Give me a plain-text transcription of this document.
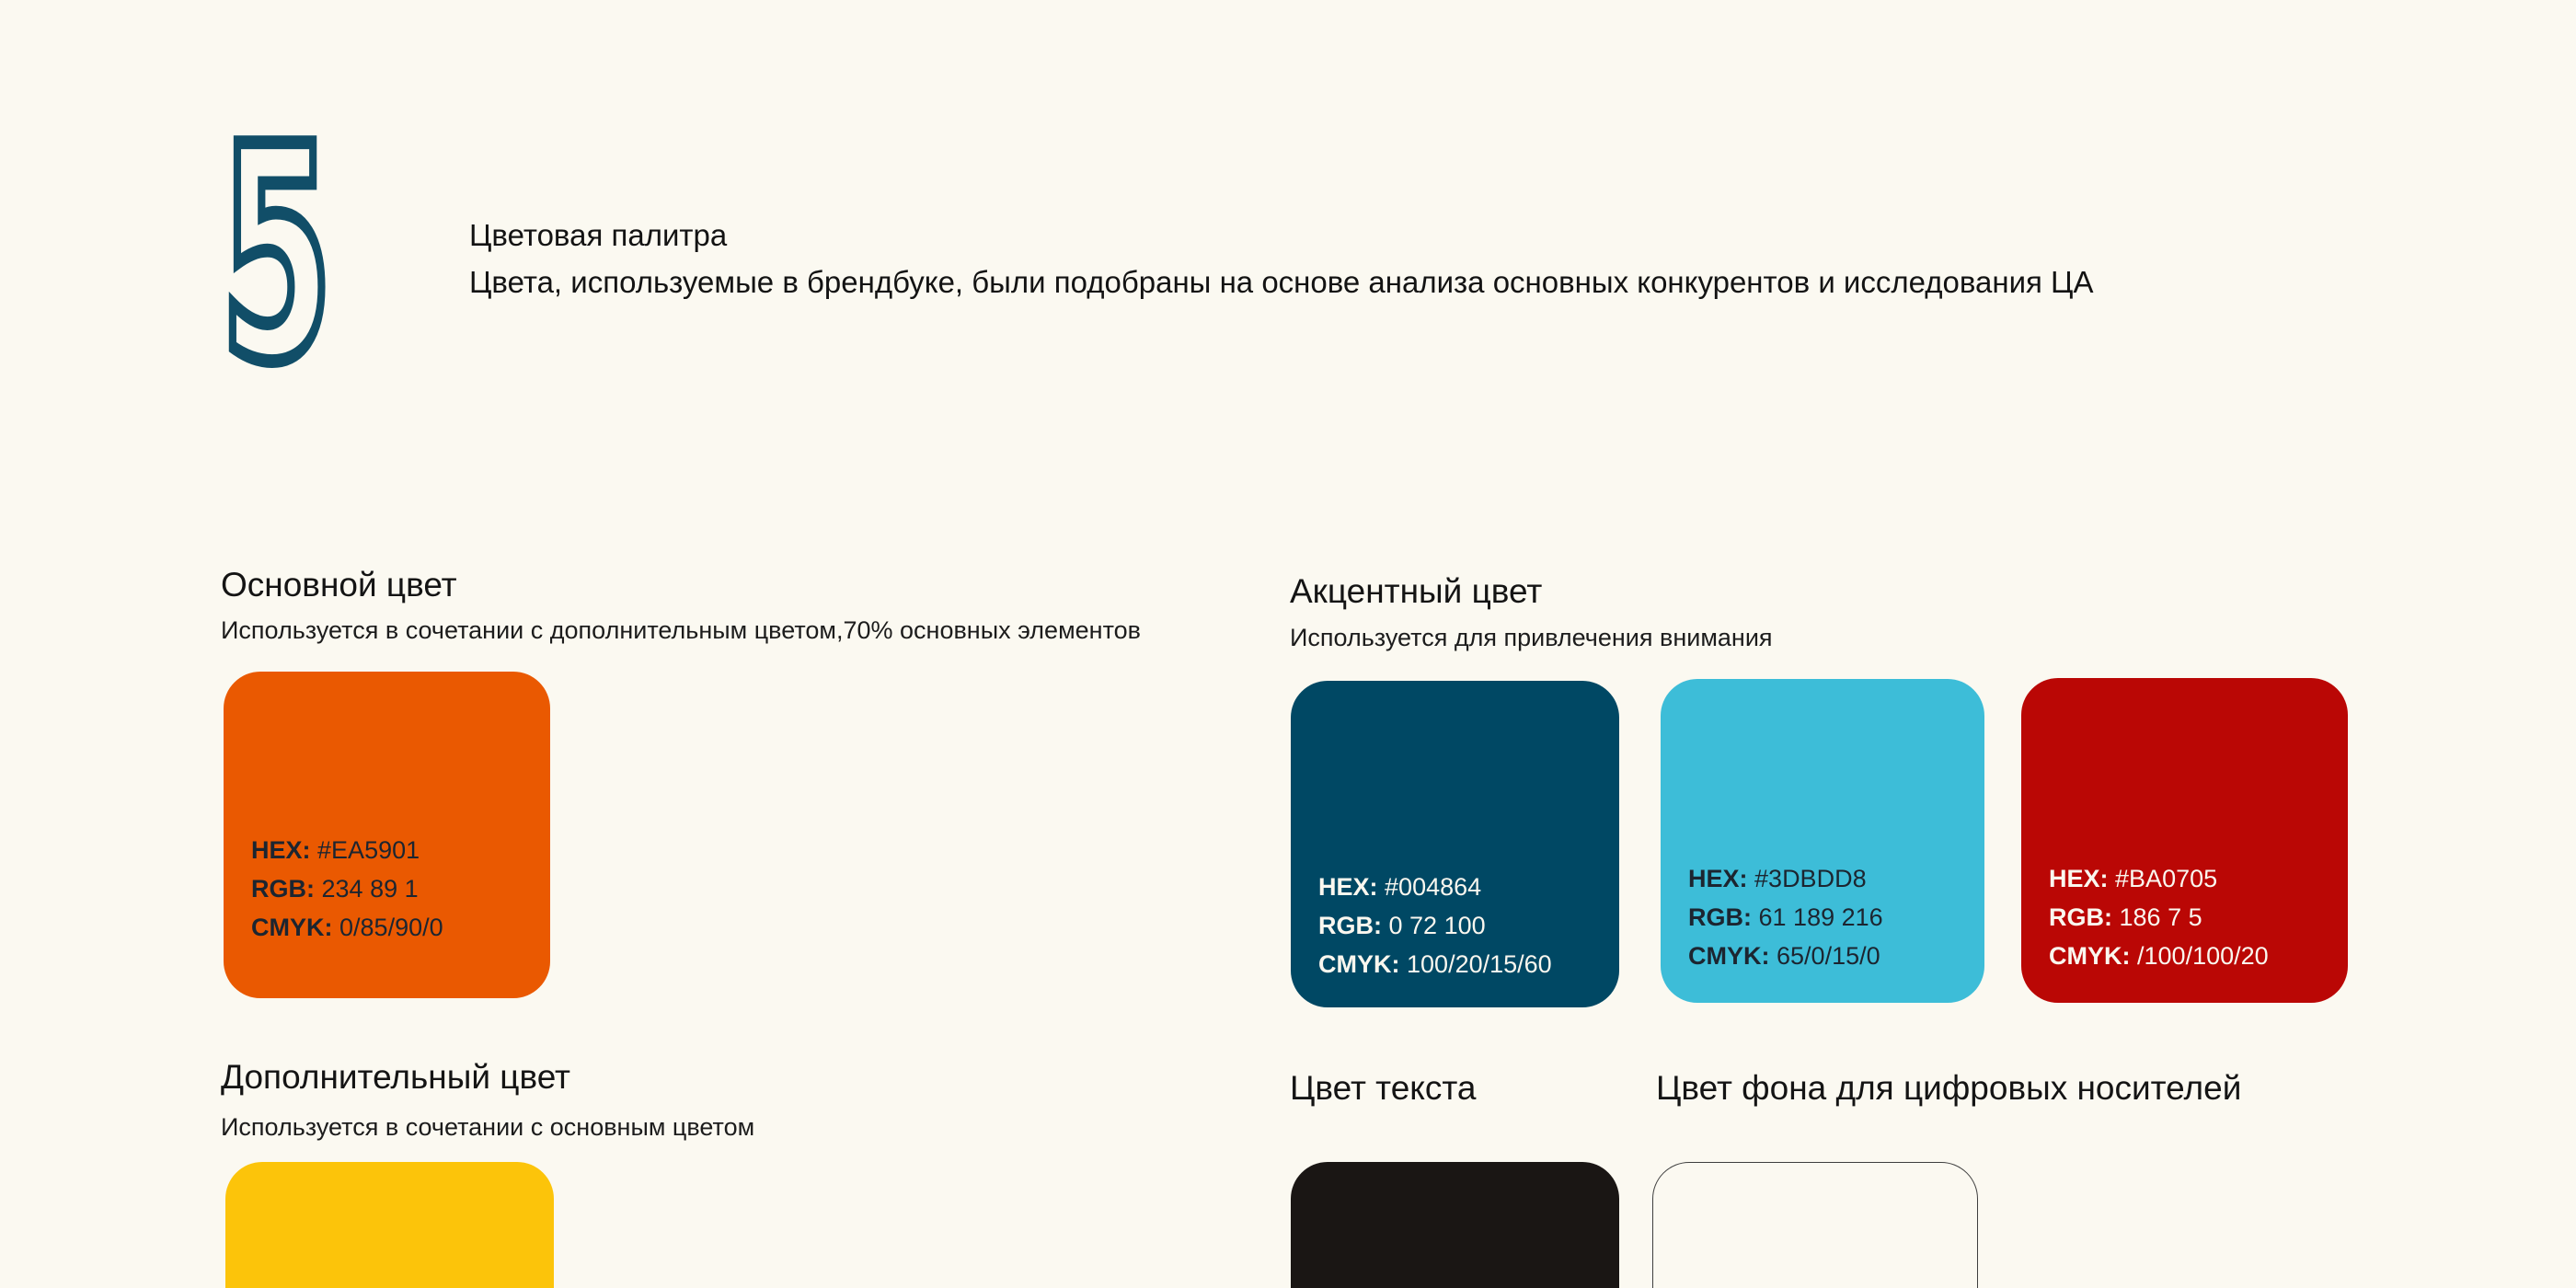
5	Цветовая палитра
Цвета, используемые в брендбуке, были подобраны на основе анализа основных конкурентов и исследования ЦА
Основной цвет
Используется в сочетании с дополнительным цветом,70% основных элементов
HEX: #EA5901
RGB: 234 89 1
CMYK: 0/85/90/0
Акцентный цвет
Используется для привлечения внимания
HEX: #004864
RGB: 0 72 100
CMYK: 100/20/15/60
HEX: #3DBDD8
RGB: 61 189 216
CMYK: 65/0/15/0
HEX: #BA0705
RGB: 186 7 5
CMYK: /100/100/20
Дополнительный цвет
Используется в сочетании с основным цветом
Цвет текста	Цвет фона для цифровых носителей
